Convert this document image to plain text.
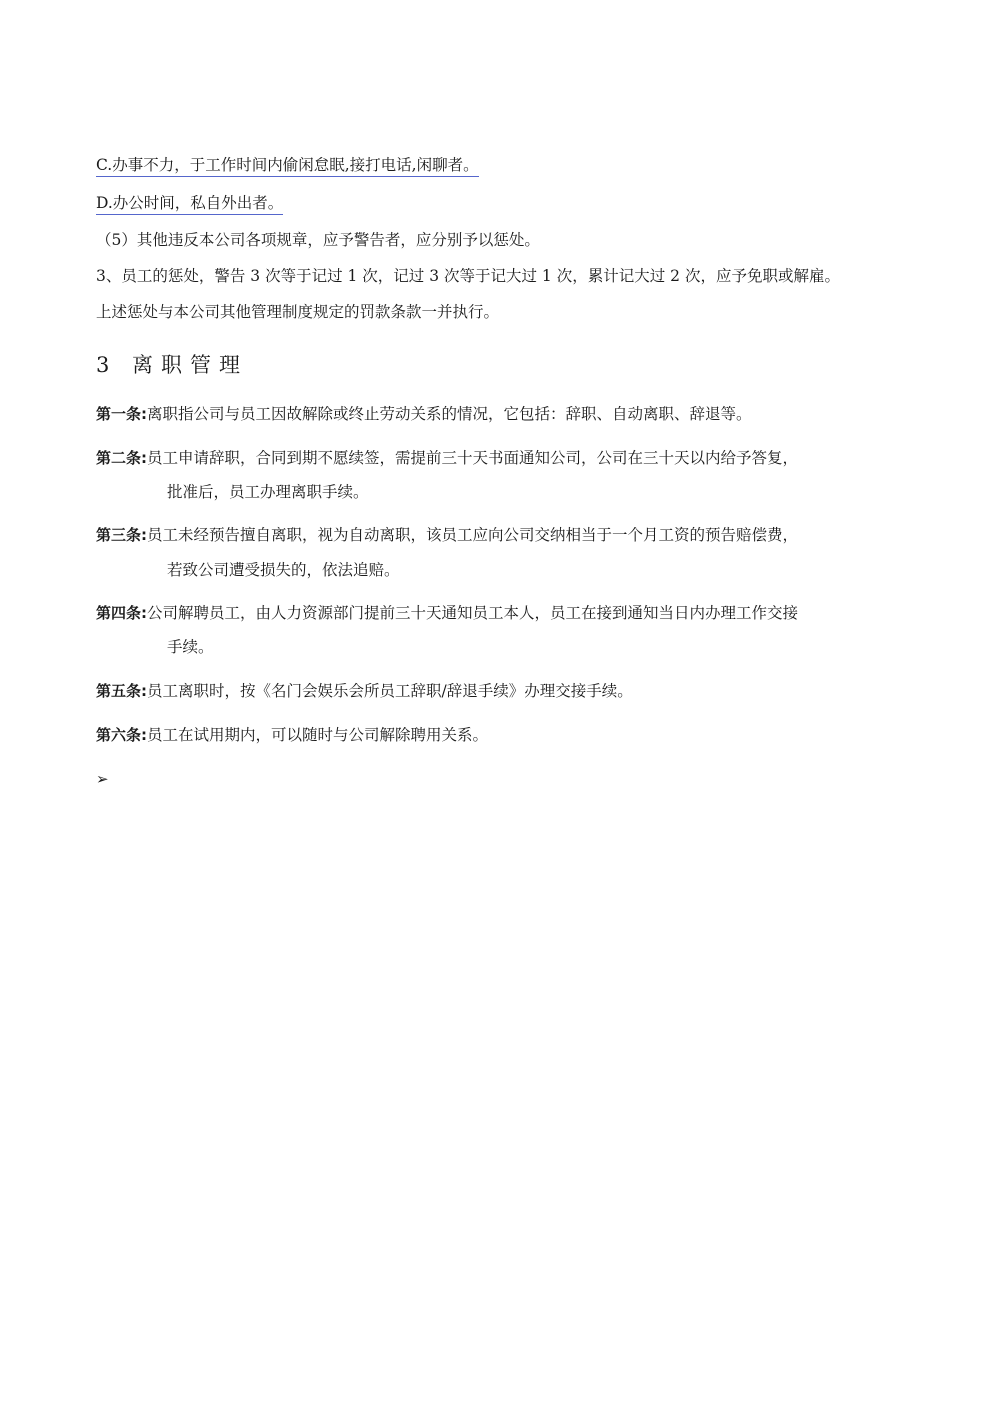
C.办事不力，于工作时间内偷闲怠眠,接打电话,闲聊者。
D.办公时间，私自外出者。
（5）其他违反本公司各项规章，应予警告者，应分别予以惩处。
3、员工的惩处，警告 3 次等于记过 1 次，记过 3 次等于记大过 1 次，累计记大过 2 次，应予免职或解雇。
上述惩处与本公司其他管理制度规定的罚款条款一并执行。
3 离职管理
第一条:离职指公司与员工因故解除或终止劳动关系的情况，它包括：辞职、自动离职、辞退等。
第二条:员工申请辞职，合同到期不愿续签，需提前三十天书面通知公司，公司在三十天以内给予答复，
批准后，员工办理离职手续。
第三条:员工未经预告擅自离职，视为自动离职，该员工应向公司交纳相当于一个月工资的预告赔偿费，
若致公司遭受损失的，依法追赔。
第四条:公司解聘员工，由人力资源部门提前三十天通知员工本人，员工在接到通知当日内办理工作交接
手续。
第五条:员工离职时，按《名门会娱乐会所员工辞职/辞退手续》办理交接手续。
第六条:员工在试用期内，可以随时与公司解除聘用关系。
➢
